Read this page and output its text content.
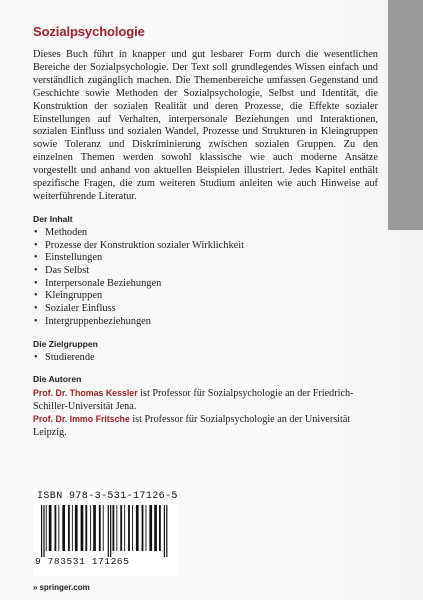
Sozialpsychologie

Dieses Buch führt in knapper und gut lesbarer Form durch die wesentlichen Bereiche der Sozialpsychologie. Der Text soll grundlegendes Wissen einfach und verständlich zugänglich machen. Die Themenbereiche umfassen Gegenstand und Geschichte sowie Methoden der Sozialpsychologie, Selbst und Identität, die Konstruktion der sozialen Realität und deren Prozesse, die Effekte sozialer Einstellungen auf Verhalten, interpersonale Beziehungen und Interaktionen, sozialen Einfluss und sozialen Wandel, Prozesse und Strukturen in Kleingruppen sowie Toleranz und Diskriminierung zwischen sozialen Gruppen. Zu den einzelnen Themen werden sowohl klassische wie auch moderne Ansätze vorgestellt und anhand von aktuellen Beispielen illustriert. Jedes Kapitel enthält spezifische Fragen, die zum weiteren Studium anleiten wie auch Hinweise auf weiterführende Literatur.

Der Inhalt
• Methoden
• Prozesse der Konstruktion sozialer Wirklichkeit
• Einstellungen
• Das Selbst
• Interpersonale Beziehungen
• Kleingruppen
• Sozialer Einfluss
• Intergruppenbeziehungen
Die Zielgruppen
• Studierende
Die Autoren

Prof. Dr. Thomas Kessler ist Professor für Sozialpsychologie an der Friedrich-Schiller-Universität Jena.

Prof. Dr. Immo Fritsche ist Professor für Sozialpsychologie an der Universität Leipzig.

ISBN 978-3-531-17126-5
9 783531 171265
» springer.com
